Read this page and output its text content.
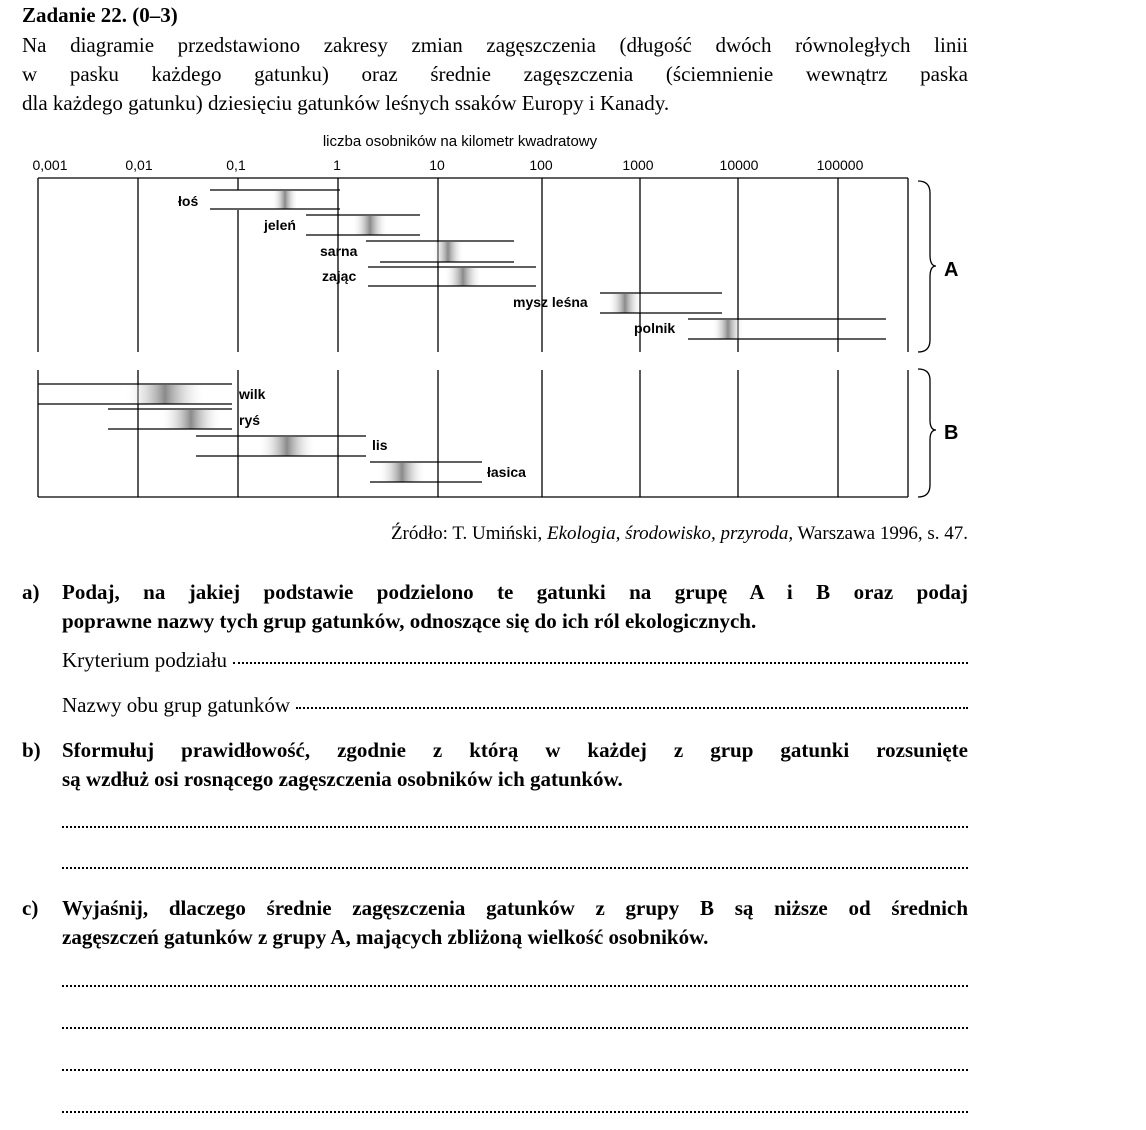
Zadanie 22. (0–3)
Na diagramie przedstawiono zakresy zmian zagęszczenia (długość dwóch równoległych linii
w pasku każdego gatunku) oraz średnie zagęszczenia (ściemnienie wewnątrz paska
dla każdego gatunku) dziesięciu gatunków leśnych ssaków Europy i Kanady.
liczba osobników na kilometr kwadratowy
0,001	0,01	0,1	1	10	100	1000	10000	100000
A
B
łoś
jeleń
sarna
zając
mysz leśna
polnik
wilk
ryś
lis
łasica
Źródło: T. Umiński, Ekologia, środowisko, przyroda, Warszawa 1996, s. 47.
a) Podaj, na jakiej podstawie podzielono te gatunki na grupę A i B oraz podaj
poprawne nazwy tych grup gatunków, odnoszące się do ich ról ekologicznych.
Kryterium podziału
Nazwy obu grup gatunków
b) Sformułuj prawidłowość, zgodnie z którą w każdej z grup gatunki rozsunięte
są wzdłuż osi rosnącego zagęszczenia osobników ich gatunków.
c) Wyjaśnij, dlaczego średnie zagęszczenia gatunków z grupy B są niższe od średnich
zagęszczeń gatunków z grupy A, mających zbliżoną wielkość osobników.
